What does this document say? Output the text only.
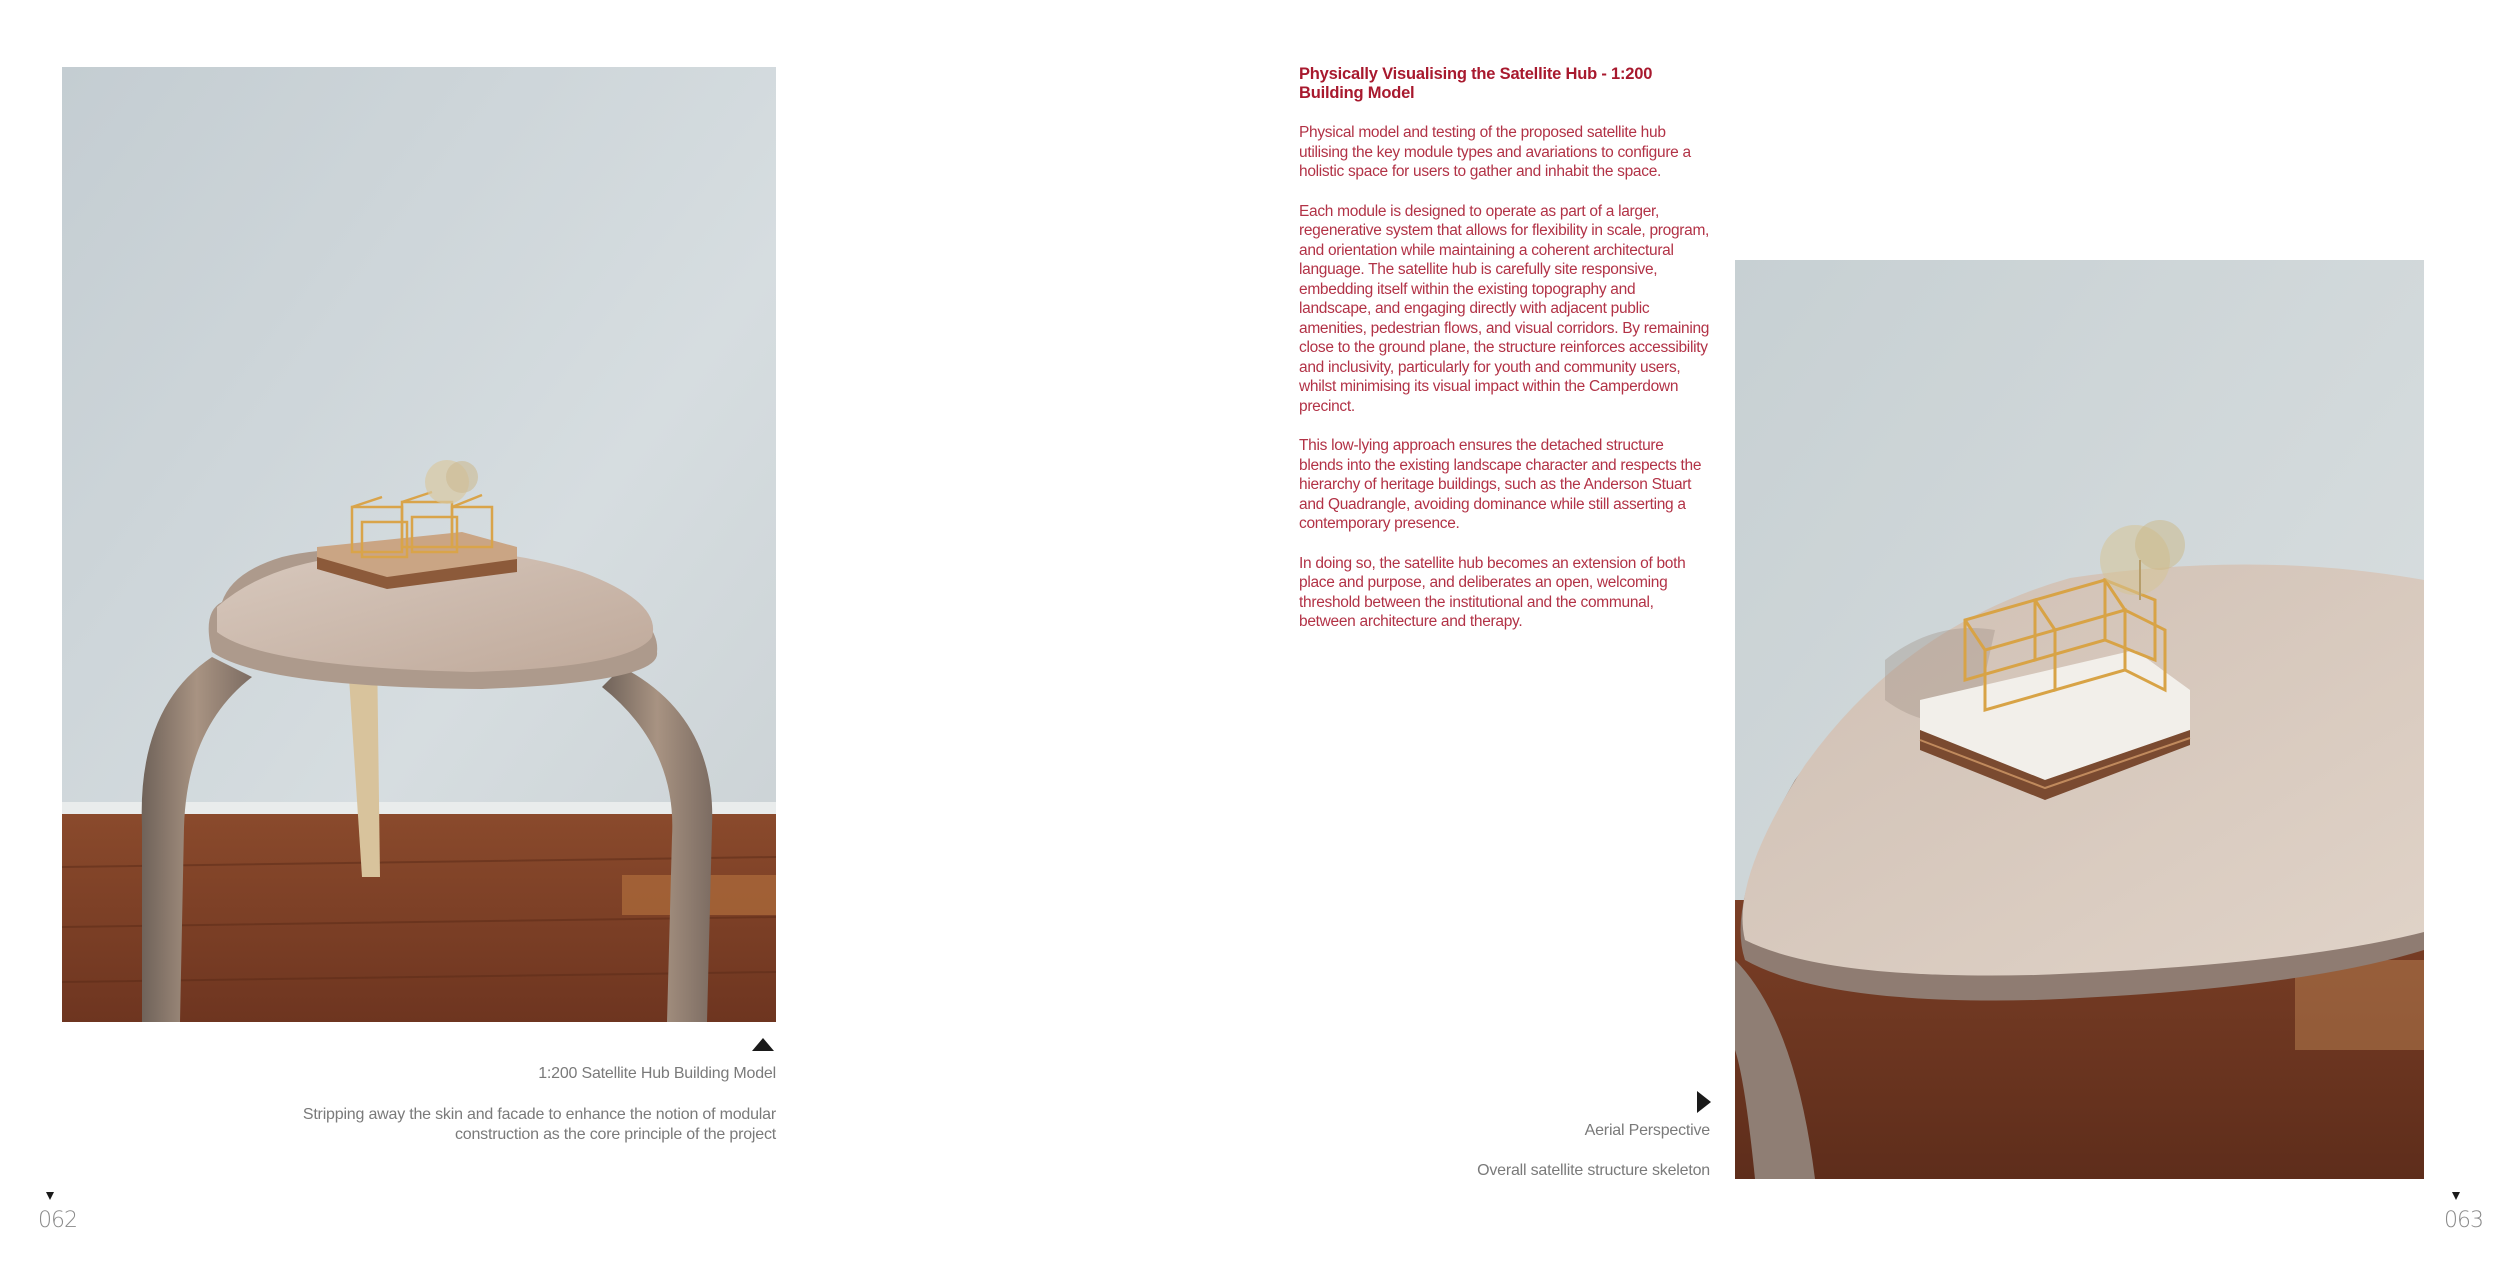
1:200 Satellite Hub Building Model
Stripping away the skin and facade to enhance the notion of modular construction as the core principle of the project
062
Physically Visualising the Satellite Hub - 1:200 Building Model

Physical model and testing of the proposed satellite hub utilising the key module types and avariations to configure a holistic space for users to gather and inhabit the space.

Each module is designed to operate as part of a larger, regenerative system that allows for flexibility in scale, program, and orientation while maintaining a coherent architectural language. The satellite hub is carefully site responsive, embedding itself within the existing topography and landscape, and engaging directly with adjacent public amenities, pedestrian flows, and visual corridors. By remaining close to the ground plane, the structure reinforces accessibility and inclusivity, particularly for youth and community users, whilst minimising its visual impact within the Camperdown precinct.

This low-lying approach ensures the detached structure blends into the existing landscape character and respects the hierarchy of heritage buildings, such as the Anderson Stuart and Quadrangle, avoiding dominance while still asserting a contemporary presence.

In doing so, the satellite hub becomes an extension of both place and purpose, and deliberates an open, welcoming threshold between the institutional and the communal, between architecture and therapy.

Aerial Perspective
Overall satellite structure skeleton
063
